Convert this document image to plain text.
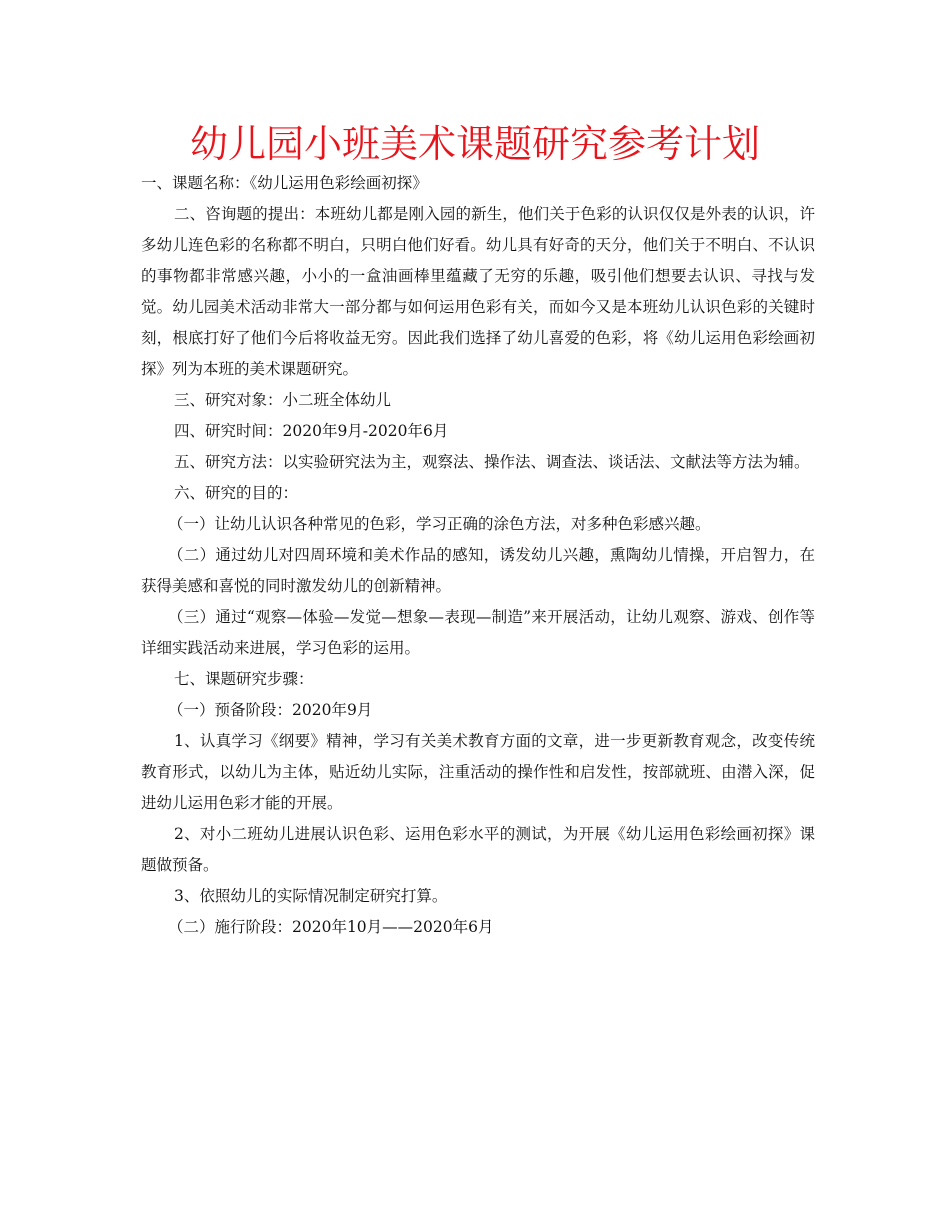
幼儿园小班美术课题研究参考计划

一、课题名称：《幼儿运用色彩绘画初探》

二、咨询题的提出：本班幼儿都是刚入园的新生，他们关于色彩的认识仅仅是外表的认识，许多幼儿连色彩的名称都不明白，只明白他们好看。幼儿具有好奇的天分，他们关于不明白、不认识的事物都非常感兴趣，小小的一盒油画棒里蕴藏了无穷的乐趣，吸引他们想要去认识、寻找与发觉。幼儿园美术活动非常大一部分都与如何运用色彩有关，而如今又是本班幼儿认识色彩的关键时刻，根底打好了他们今后将收益无穷。因此我们选择了幼儿喜爱的色彩，将《幼儿运用色彩绘画初探》列为本班的美术课题研究。

三、研究对象：小二班全体幼儿

四、研究时间：2020年9月-2020年6月

五、研究方法：以实验研究法为主，观察法、操作法、调查法、谈话法、文献法等方法为辅。

六、研究的目的：

（一）让幼儿认识各种常见的色彩，学习正确的涂色方法，对多种色彩感兴趣。

（二）通过幼儿对四周环境和美术作品的感知，诱发幼儿兴趣，熏陶幼儿情操，开启智力，在获得美感和喜悦的同时激发幼儿的创新精神。

（三）通过“观察—体验—发觉—想象—表现—制造”来开展活动，让幼儿观察、游戏、创作等详细实践活动来进展，学习色彩的运用。

七、课题研究步骤：

（一）预备阶段：2020年9月

1、认真学习《纲要》精神，学习有关美术教育方面的文章，进一步更新教育观念，改变传统教育形式，以幼儿为主体，贴近幼儿实际，注重活动的操作性和启发性，按部就班、由潜入深，促进幼儿运用色彩才能的开展。

2、对小二班幼儿进展认识色彩、运用色彩水平的测试，为开展《幼儿运用色彩绘画初探》课题做预备。

3、依照幼儿的实际情况制定研究打算。

（二）施行阶段：2020年10月——2020年6月
